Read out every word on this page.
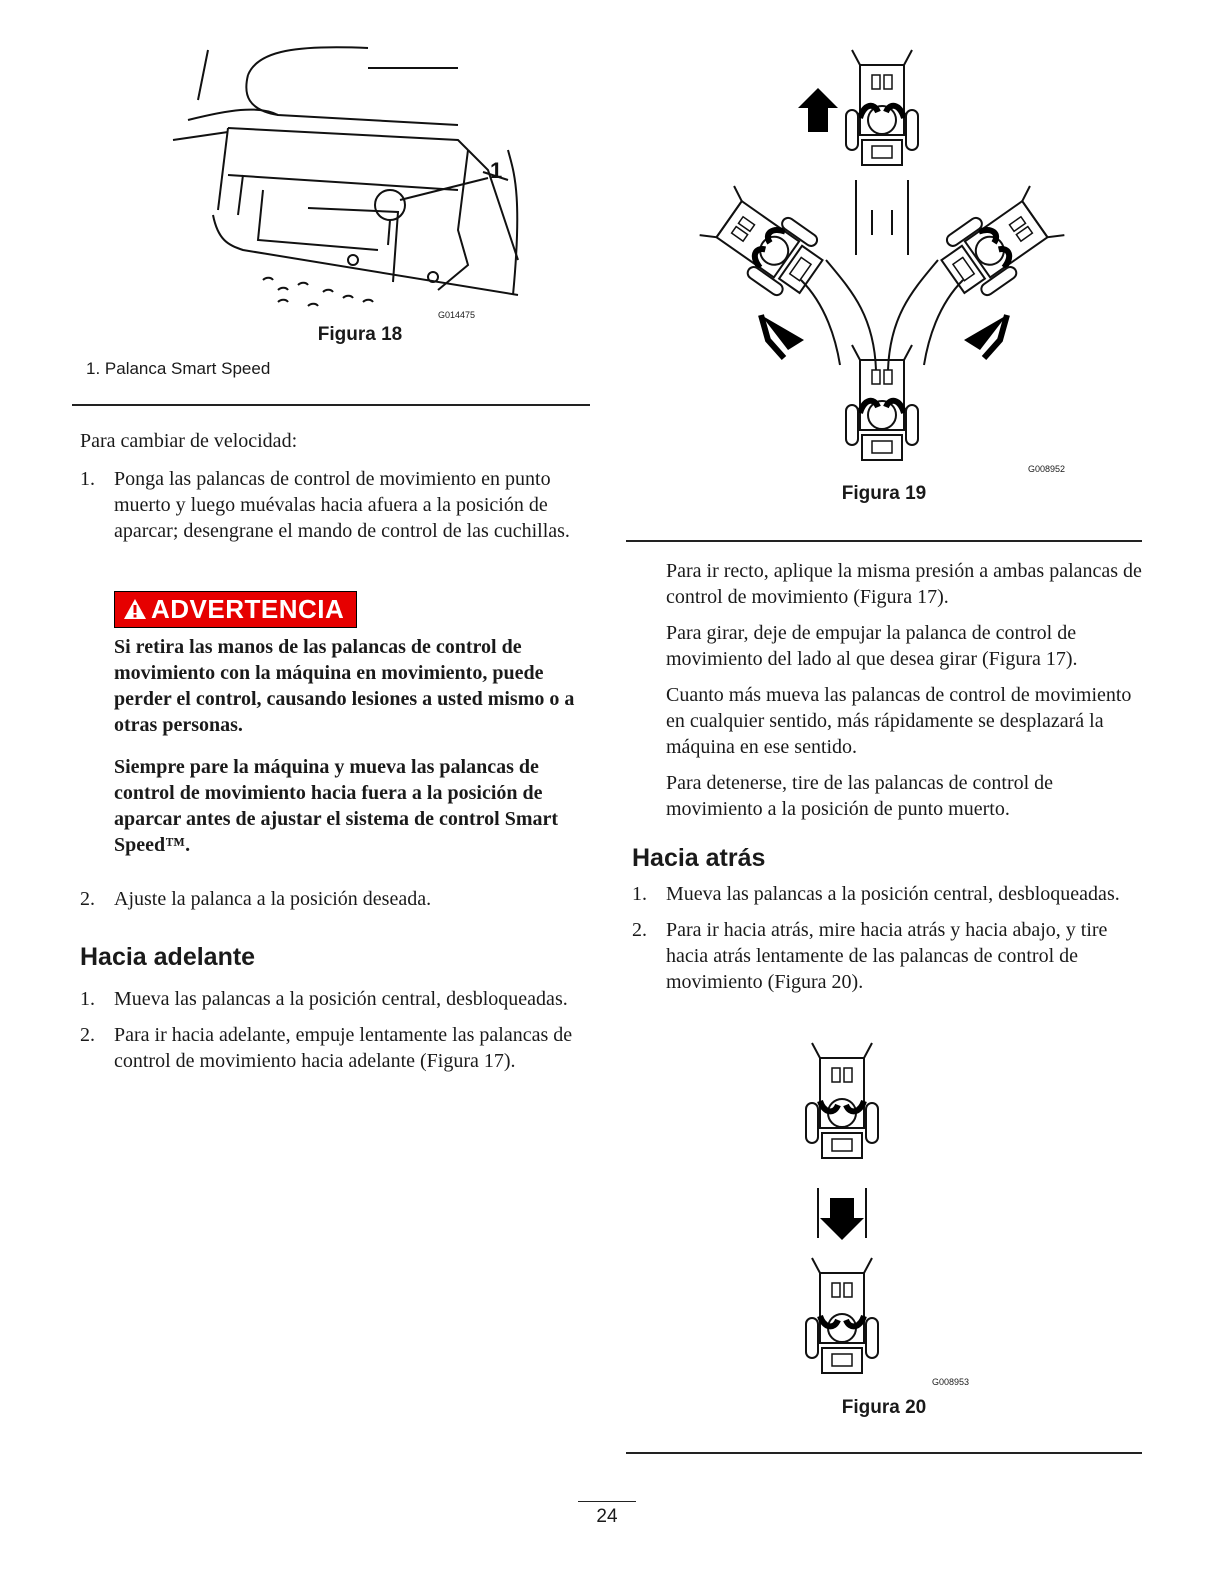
1
G014475
Figura 18
1. Palanca Smart Speed

Para cambiar de velocidad:

1. Ponga las palancas de control de movimiento en punto muerto y luego muévalas hacia afuera a la posición de aparcar; desengrane el mando de control de las cuchillas.
ADVERTENCIA

Si retira las manos de las palancas de control de movimiento con la máquina en movimiento, puede perder el control, causando lesiones a usted mismo o a otras personas.

Siempre pare la máquina y mueva las palancas de control de movimiento hacia fuera a la posición de aparcar antes de ajustar el sistema de control Smart Speed™.

2. Ajuste la palanca a la posición deseada.
Hacia adelante
1. Mueva las palancas a la posición central, desbloqueadas.
2. Para ir hacia adelante, empuje lentamente las palancas de control de movimiento hacia adelante (Figura 17).
G008952
Figura 19

Para ir recto, aplique la misma presión a ambas palancas de control de movimiento (Figura 17).

Para girar, deje de empujar la palanca de control de movimiento del lado al que desea girar (Figura 17).

Cuanto más mueva las palancas de control de movimiento en cualquier sentido, más rápidamente se desplazará la máquina en ese sentido.

Para detenerse, tire de las palancas de control de movimiento a la posición de punto muerto.

Hacia atrás
1. Mueva las palancas a la posición central, desbloqueadas.
2. Para ir hacia atrás, mire hacia atrás y hacia abajo, y tire hacia atrás lentamente de las palancas de control de movimiento (Figura 20).
G008953
Figura 20
24
